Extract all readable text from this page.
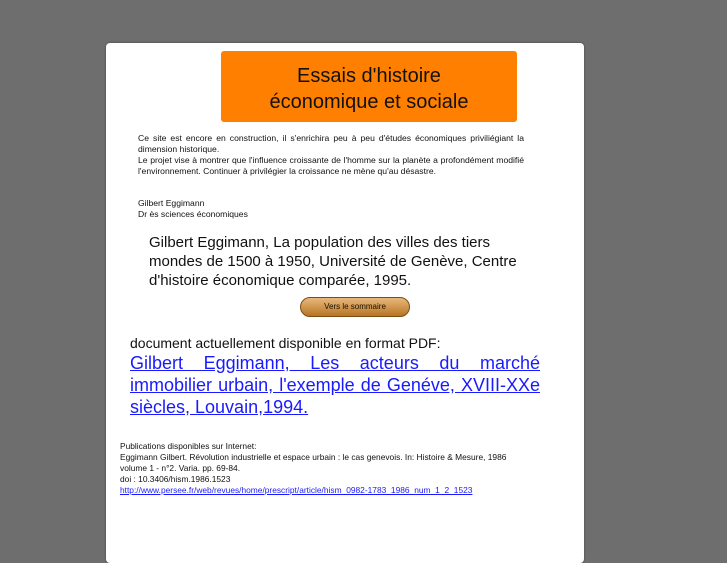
Essais d'histoire
économique et sociale

Ce site est encore en construction, il s'enrichira peu à peu d'études économiques priviliégiant la dimension historique.

Le projet vise à montrer que l'influence croissante de l'homme sur la planète a profondément modifié l'environnement. Continuer à privilégier la croissance ne mène qu'au désastre.

Gilbert Eggimann
Dr ès sciences économiques
Gilbert Eggimann, La population des villes des tiers mondes de 1500 à 1950, Université de Genève, Centre d'histoire économique comparée, 1995.
Vers le sommaire
document actuellement disponible en format PDF:
Gilbert Eggimann, Les acteurs du marché immobilier urbain, l'exemple de Genéve, XVIII-XXe siècles, Louvain,1994.
Publications disponibles sur Internet:
Eggimann Gilbert. Révolution industrielle et espace urbain : le cas genevois. In: Histoire & Mesure, 1986
volume 1 - n°2. Varia. pp. 69-84.
doi : 10.3406/hism.1986.1523
http://www.persee.fr/web/revues/home/prescript/article/hism_0982-1783_1986_num_1_2_1523
